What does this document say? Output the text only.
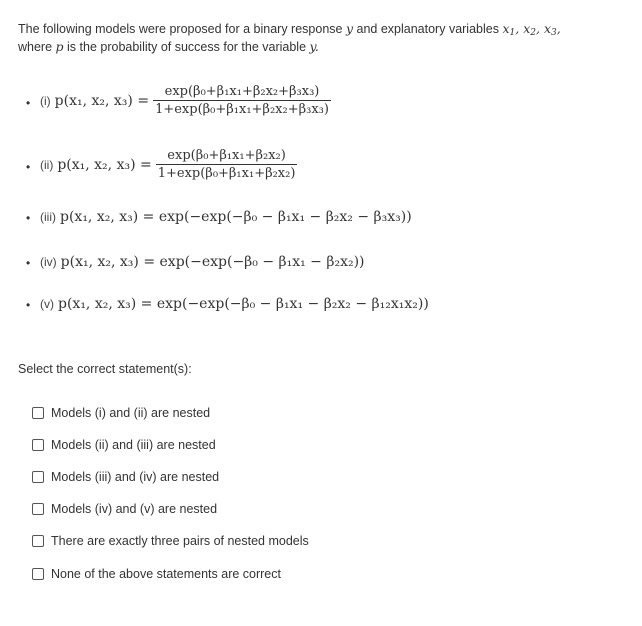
The following models were proposed for a binary response y and explanatory variables $x_1$, $x_2$, $x_3$,
where p is the probability of success for the variable y.
• (i) p(x₁, x₂, $x_3) = \frac{\text{exp(β₀+β₁x₁+β₂x₂+β₃x₃)}}{\text{1+exp(β₀+β₁x₁+β₂x₂+β₃x₃)}}$
• (ii) p(x₁, x₂, $x_3) = \frac{\text{exp(β₀+β₁x₁+β₂x₂)}}{\text{1+exp(β₀+β₁x₁+β₂x₂)}}$
• (iii) p(x₁, x₂, x₃) = exp(−exp(−β₀ − β₁x₁ − β₂x₂ − β₃x₃))
• (iv) p(x₁, x₂, x₃) = exp(−exp(−β₀ − β₁x₁ − β₂x₂))
• (v) p(x₁, x₂, x₃) = exp(−exp(−β₀ − β₁x₁ − β₂x₂ − β₁₂x₁x₂))
Select the correct statement(s):
Models (i) and (ii) are nested
Models (ii) and (iii) are nested
Models (iii) and (iv) are nested
Models (iv) and (v) are nested
There are exactly three pairs of nested models
None of the above statements are correct
